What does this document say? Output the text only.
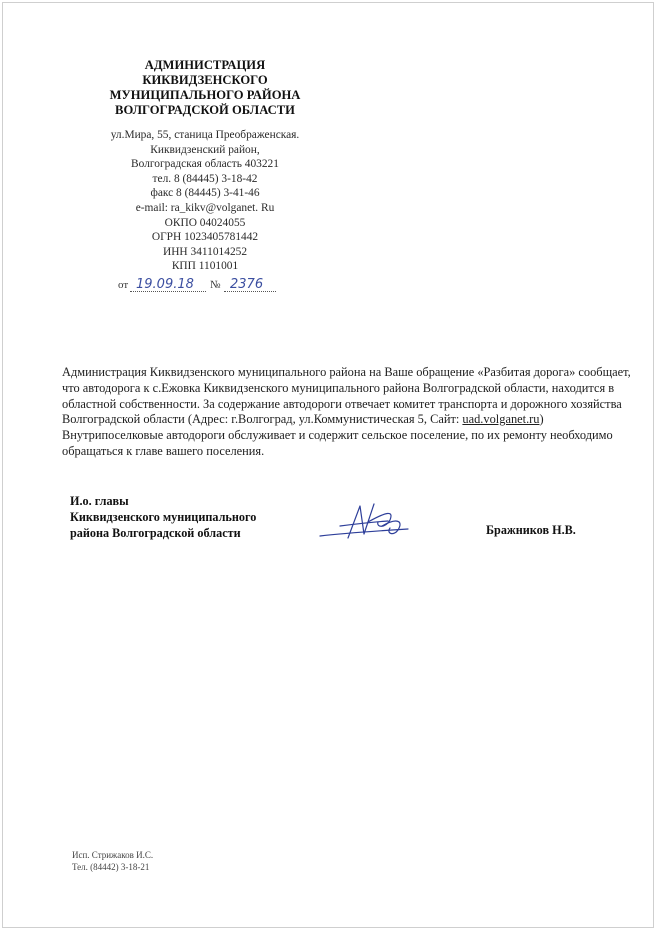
АДМИНИСТРАЦИЯ
КИКВИДЗЕНСКОГО
МУНИЦИПАЛЬНОГО РАЙОНА
ВОЛГОГРАДСКОЙ ОБЛАСТИ
ул.Мира, 55, станица Преображенская.
Киквидзенский район,
Волгоградская область 403221
тел. 8 (84445) 3-18-42
факс 8 (84445) 3-41-46
e-mail: ra_kikv@volganet. Ru
ОКПО 04024055
ОГРН 1023405781442
ИНН 3411014252
КПП 1101001
от 19.09.18 № 2376
Администрация Киквидзенского муниципального района на Ваше обращение «Разбитая дорога» сообщает, что автодорога к с.Ежовка Киквидзенского муниципального района Волгоградской области, находится в областной собственности. За содержание автодороги отвечает комитет транспорта и дорожного хозяйства Волгоградской области (Адрес: г.Волгоград, ул.Коммунистическая 5, Сайт: uad.volganet.ru) Внутрипоселковые автодороги обслуживает и содержит сельское поселение, по их ремонту необходимо обращаться к главе вашего поселения.
И.о. главы
Киквидзенского муниципального
района Волгоградской области	Бражников Н.В.
Исп. Стрижаков И.С.
Тел. (84442) 3-18-21
